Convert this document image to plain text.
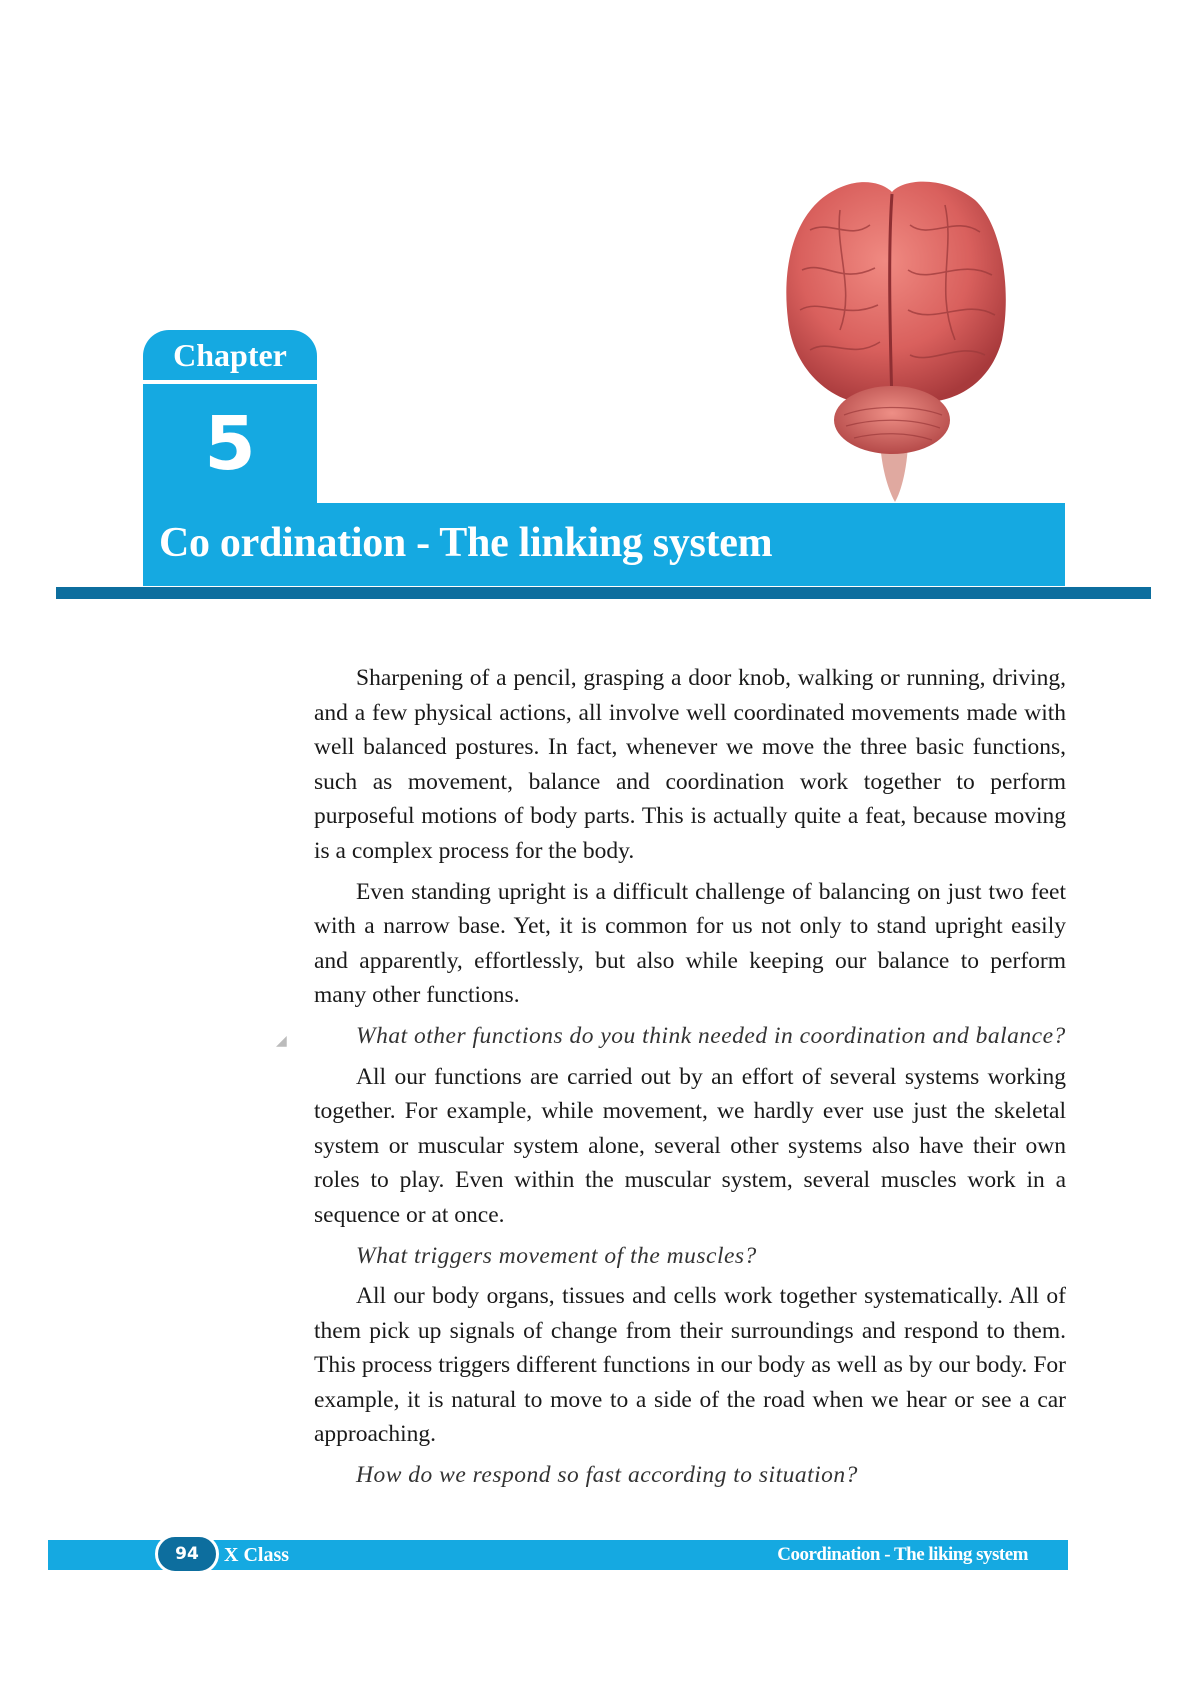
Chapter
5
Co ordination - The linking system

Sharpening of a pencil, grasping a door knob, walking or running, driving, and a few physical actions, all involve well coordinated movements made with well balanced postures. In fact, whenever we move the three basic functions, such as movement, balance and coordination work together to perform purposeful motions of body parts. This is actually quite a feat, because moving is a complex process for the body.

Even standing upright is a difficult challenge of balancing on just two feet with a narrow base. Yet, it is common for us not only to stand upright easily and apparently, effortlessly, but also while keeping our balance to perform many other functions.

◢	What other functions do you think needed in coordination and balance?

All our functions are carried out by an effort of several systems working together. For example, while movement, we hardly ever use just the skeletal system or muscular system alone, several other systems also have their own roles to play. Even within the muscular system, several muscles work in a sequence or at once.

What triggers movement of the muscles?

All our body organs, tissues and cells work together systematically. All of them pick up signals of change from their surroundings and respond to them. This process triggers different functions in our body as well as by our body. For example, it is natural to move to a side of the road when we hear or see a car approaching.

How do we respond so fast according to situation?

94	X Class	Coordination - The liking system
